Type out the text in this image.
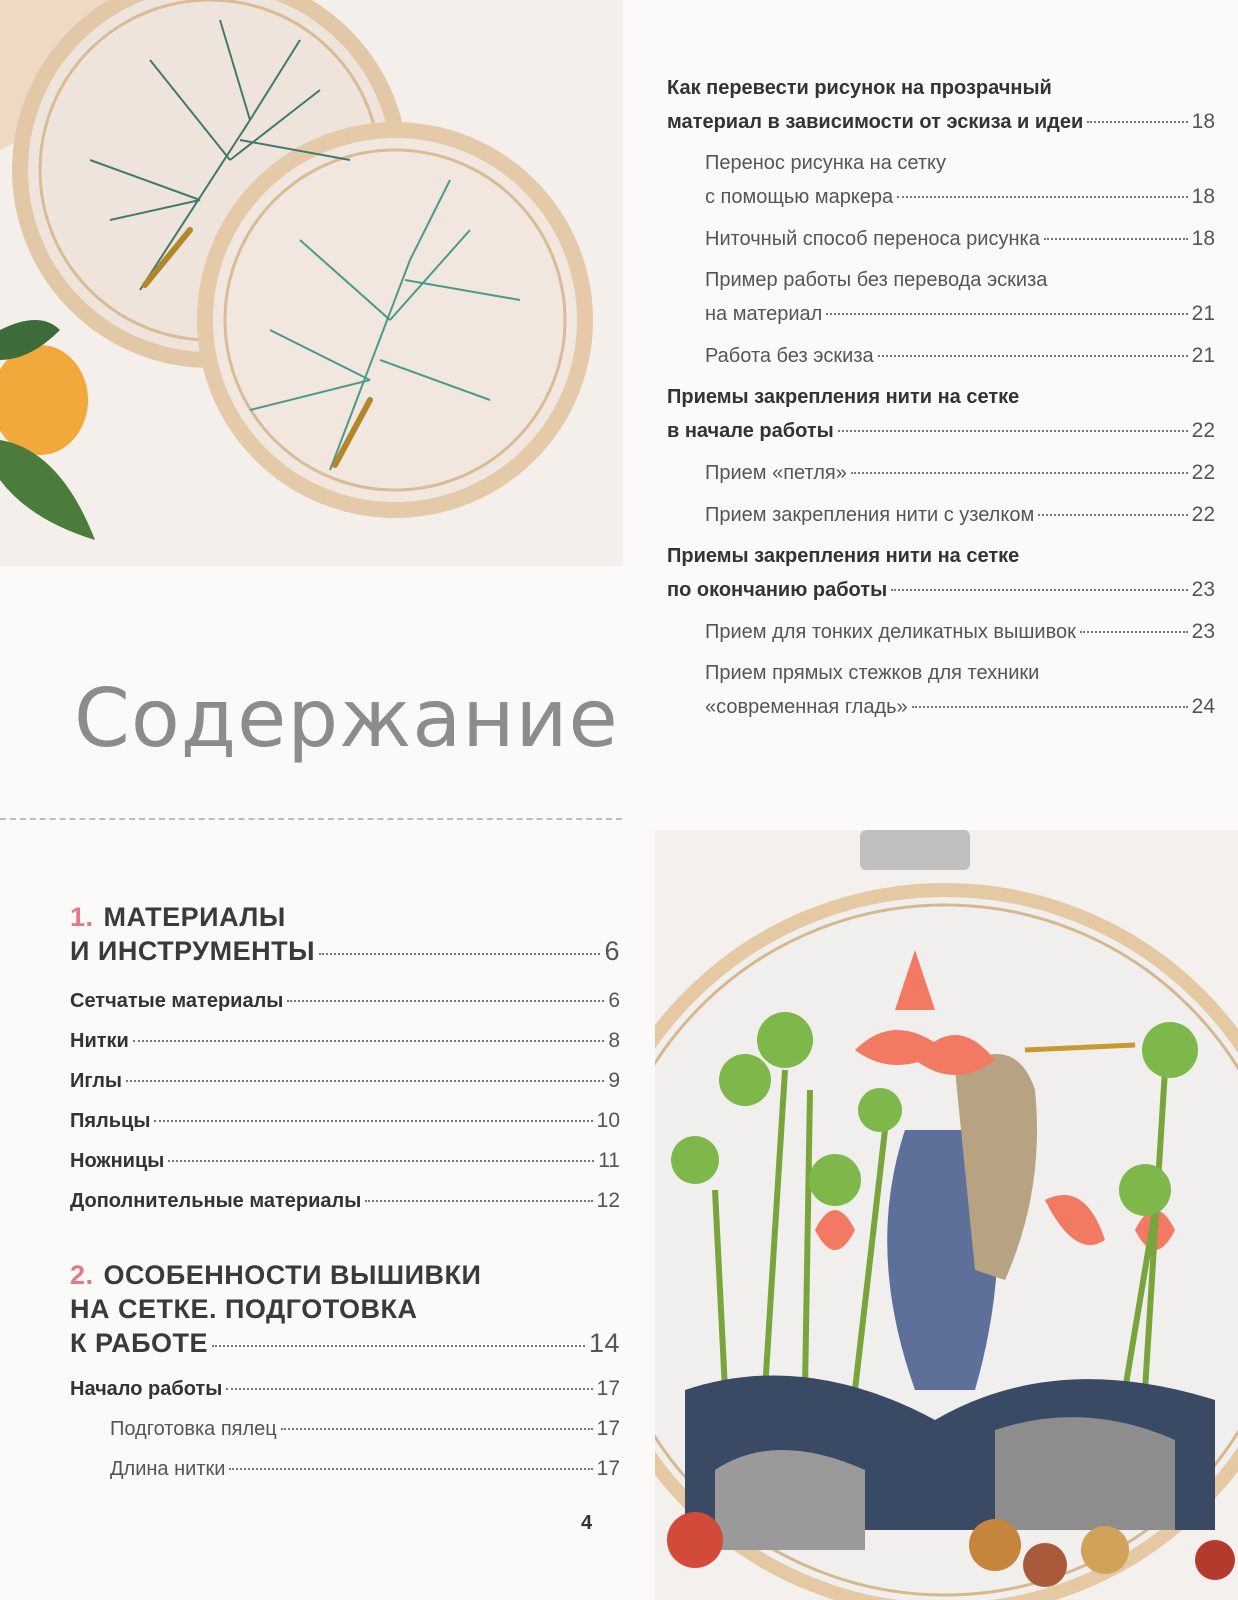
Содержание
1. МАТЕРИАЛЫ
И ИНСТРУМЕНТЫ	6
Сетчатые материалы	6
Нитки	8
Иглы	9
Пяльцы	10
Ножницы	11
Дополнительные материалы	12
2. ОСОБЕННОСТИ ВЫШИВКИ
НА СЕТКЕ. ПОДГОТОВКА
К РАБОТЕ	14
Начало работы	17
Подготовка пялец	17
Длина нитки	17
Как перевести рисунок на прозрачный
материал в зависимости от эскиза и идеи	18
Перенос рисунка на сетку
с помощью маркера	18
Ниточный способ переноса рисунка	18
Пример работы без перевода эскиза
на материал	21
Работа без эскиза	21
Приемы закрепления нити на сетке
в начале работы	22
Прием «петля»	22
Прием закрепления нити с узелком	22
Приемы закрепления нити на сетке
по окончанию работы	23
Прием для тонких деликатных вышивок	23
Прием прямых стежков для техники
«современная гладь»	24
4
